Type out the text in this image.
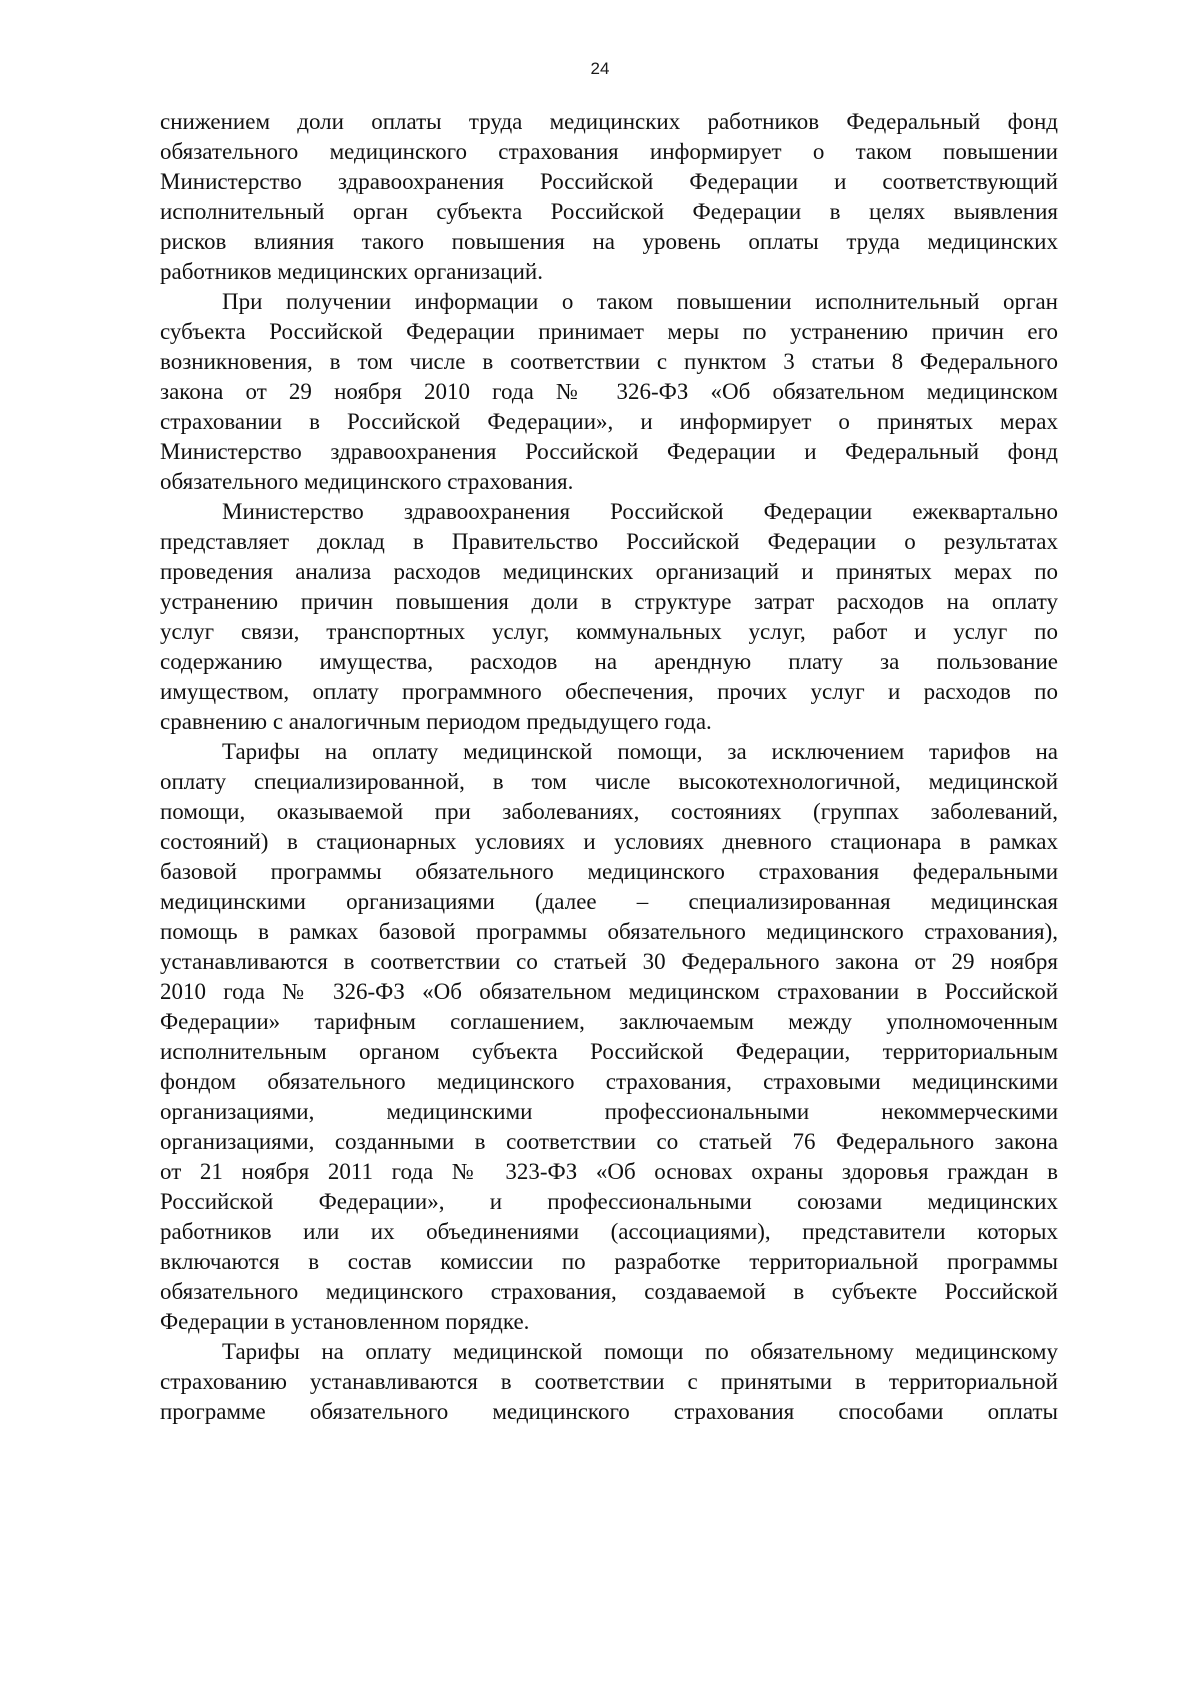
24
снижением доли оплаты труда медицинских работников Федеральный фонд
обязательного медицинского страхования информирует о таком повышении
Министерство здравоохранения Российской Федерации и соответствующий
исполнительный орган субъекта Российской Федерации в целях выявления
рисков влияния такого повышения на уровень оплаты труда медицинских
работников медицинских организаций.
При получении информации о таком повышении исполнительный орган
субъекта Российской Федерации принимает меры по устранению причин его
возникновения, в том числе в соответствии с пунктом 3 статьи 8 Федерального
закона от 29 ноября 2010 года № 326-ФЗ «Об обязательном медицинском
страховании в Российской Федерации», и информирует о принятых мерах
Министерство здравоохранения Российской Федерации и Федеральный фонд
обязательного медицинского страхования.
Министерство здравоохранения Российской Федерации ежеквартально
представляет доклад в Правительство Российской Федерации о результатах
проведения анализа расходов медицинских организаций и принятых мерах по
устранению причин повышения доли в структуре затрат расходов на оплату
услуг связи, транспортных услуг, коммунальных услуг, работ и услуг по
содержанию имущества, расходов на арендную плату за пользование
имуществом, оплату программного обеспечения, прочих услуг и расходов по
сравнению с аналогичным периодом предыдущего года.
Тарифы на оплату медицинской помощи, за исключением тарифов на
оплату специализированной, в том числе высокотехнологичной, медицинской
помощи, оказываемой при заболеваниях, состояниях (группах заболеваний,
состояний) в стационарных условиях и условиях дневного стационара в рамках
базовой программы обязательного медицинского страхования федеральными
медицинскими организациями (далее – специализированная медицинская
помощь в рамках базовой программы обязательного медицинского страхования),
устанавливаются в соответствии со статьей 30 Федерального закона от 29 ноября
2010 года № 326-ФЗ «Об обязательном медицинском страховании в Российской
Федерации» тарифным соглашением, заключаемым между уполномоченным
исполнительным органом субъекта Российской Федерации, территориальным
фондом обязательного медицинского страхования, страховыми медицинскими
организациями, медицинскими профессиональными некоммерческими
организациями, созданными в соответствии со статьей 76 Федерального закона
от 21 ноября 2011 года № 323-ФЗ «Об основах охраны здоровья граждан в
Российской Федерации», и профессиональными союзами медицинских
работников или их объединениями (ассоциациями), представители которых
включаются в состав комиссии по разработке территориальной программы
обязательного медицинского страхования, создаваемой в субъекте Российской
Федерации в установленном порядке.
Тарифы на оплату медицинской помощи по обязательному медицинскому
страхованию устанавливаются в соответствии с принятыми в территориальной
программе обязательного медицинского страхования способами оплаты
